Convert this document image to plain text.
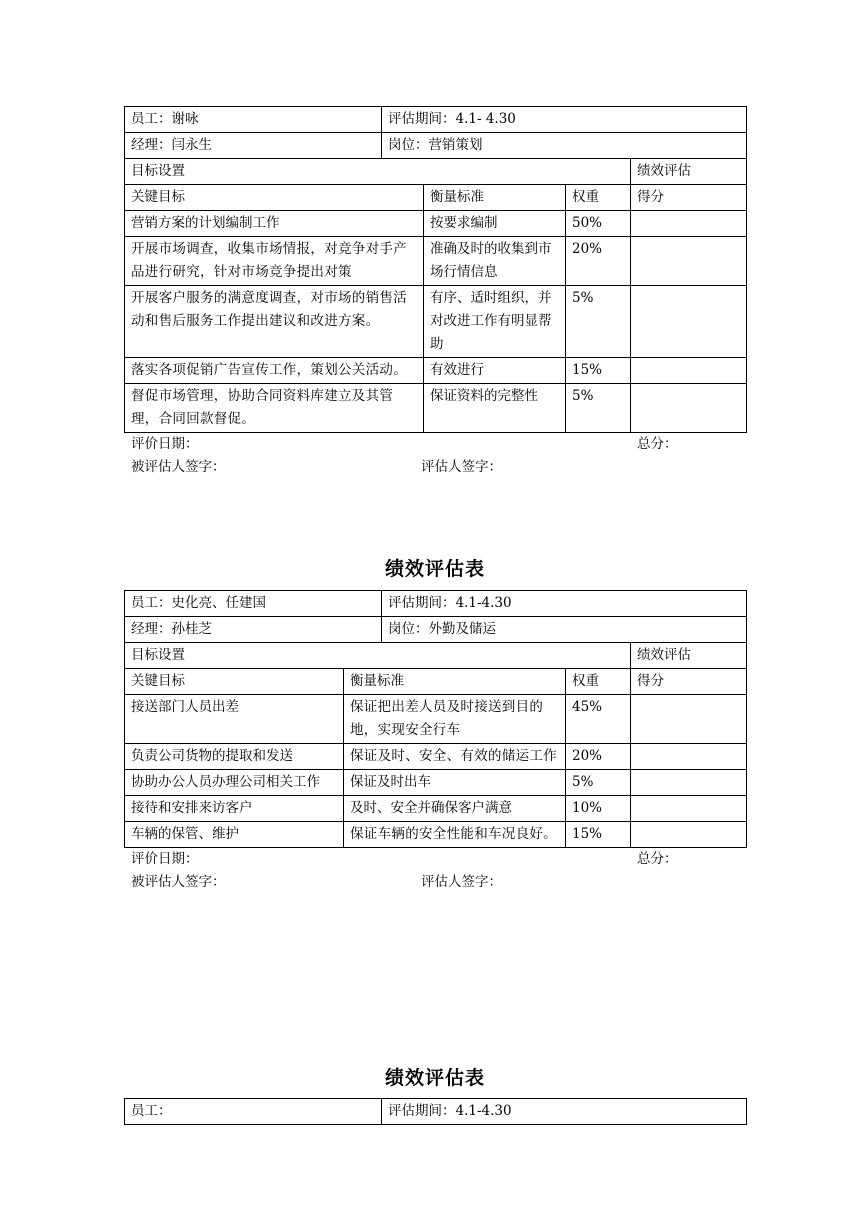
员工：谢咏	评估期间：4.1- 4.30
经理：闫永生	岗位：营销策划
目标设置			绩效评估
关键目标	衡量标准	权重	得分
营销方案的计划编制工作	按要求编制	50%	
开展市场调查，收集市场情报，对竞争对手产品进行研究，针对市场竞争提出对策	准确及时的收集到市场行情信息	20%	
开展客户服务的满意度调查，对市场的销售活动和售后服务工作提出建议和改进方案。	有序、适时组织，并对改进工作有明显帮助	5%	
落实各项促销广告宣传工作，策划公关活动。	有效进行	15%	
督促市场管理，协助合同资料库建立及其管理，合同回款督促。	保证资料的完整性	5%	
评价日期：	总分：
被评估人签字：	评估人签字：
绩效评估表
员工：史化亮、任建国	评估期间：4.1-4.30
经理：孙桂芝	岗位：外勤及储运
目标设置			绩效评估
关键目标	衡量标准	权重	得分
接送部门人员出差	保证把出差人员及时接送到目的地，实现安全行车	45%	
负责公司货物的提取和发送	保证及时、安全、有效的储运工作	20%	
协助办公人员办理公司相关工作	保证及时出车	5%	
接待和安排来访客户	及时、安全并确保客户满意	10%	
车辆的保管、维护	保证车辆的安全性能和车况良好。	15%	
评价日期：	总分：
被评估人签字：	评估人签字：
绩效评估表
员工：	评估期间：4.1-4.30
